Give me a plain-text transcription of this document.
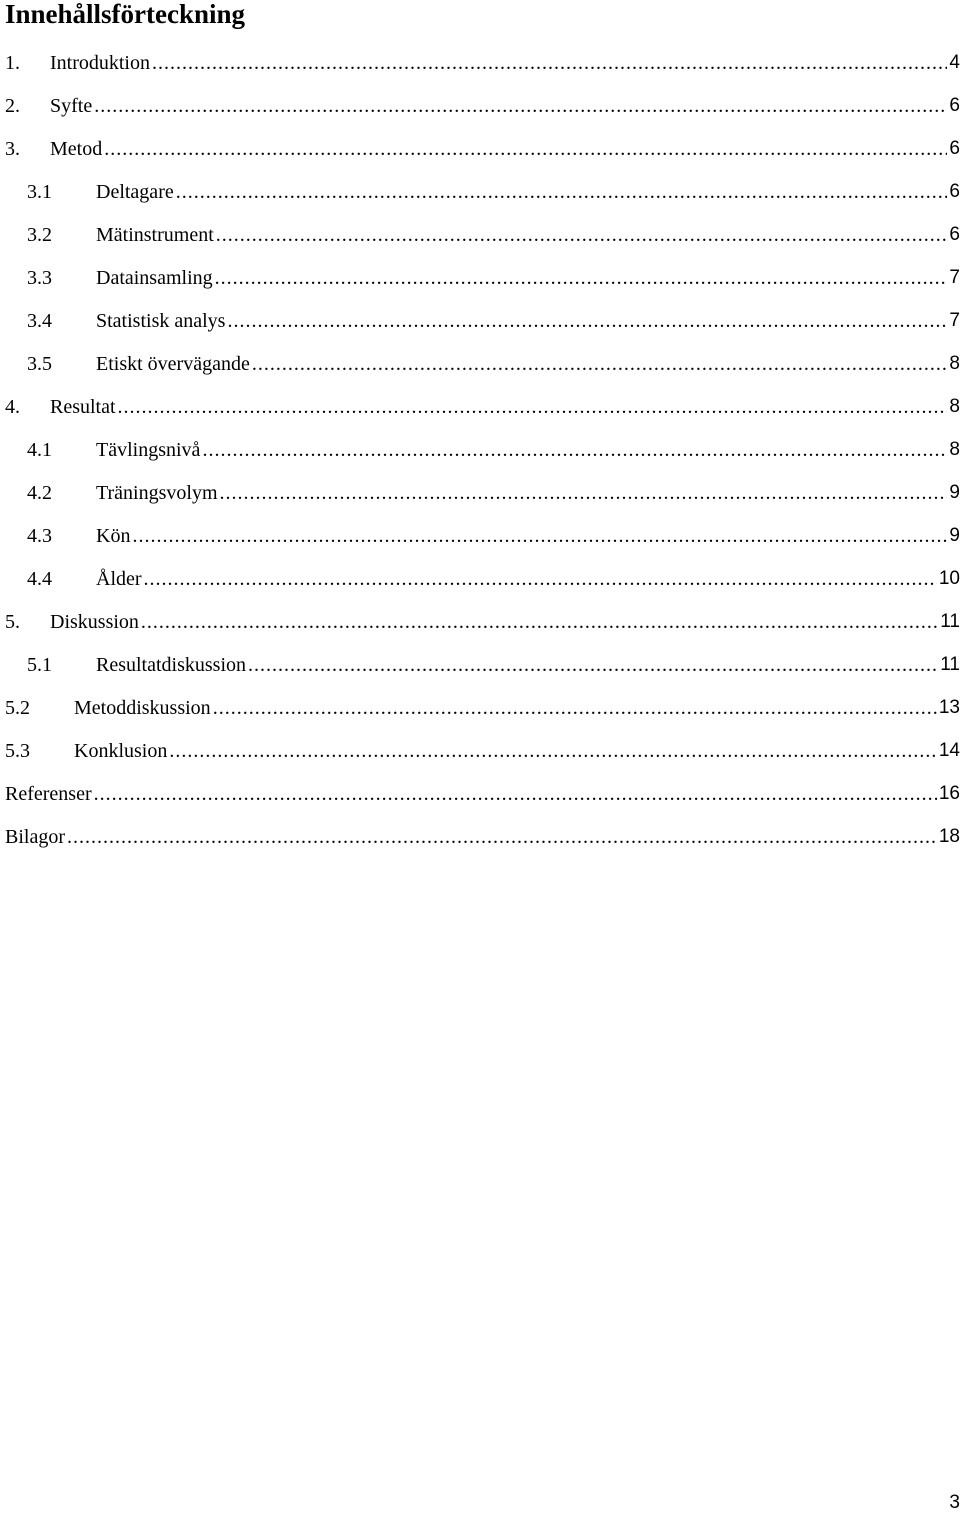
Innehållsförteckning
1.	Introduktion .....	4
2.	Syfte .....	6
3.	Metod .....	6
3.1	Deltagare .....	6
3.2	Mätinstrument .....	6
3.3	Datainsamling .....	7
3.4	Statistisk analys .....	7
3.5	Etiskt övervägande .....	8
4.	Resultat .....	8
4.1	Tävlingsnivå .....	8
4.2	Träningsvolym .....	9
4.3	Kön .....	9
4.4	Ålder .....	10
5.	Diskussion .....	11
5.1	Resultatdiskussion .....	11
5.2	Metoddiskussion .....	13
5.3	Konklusion .....	14
Referenser .....	16
Bilagor .....	18
3
